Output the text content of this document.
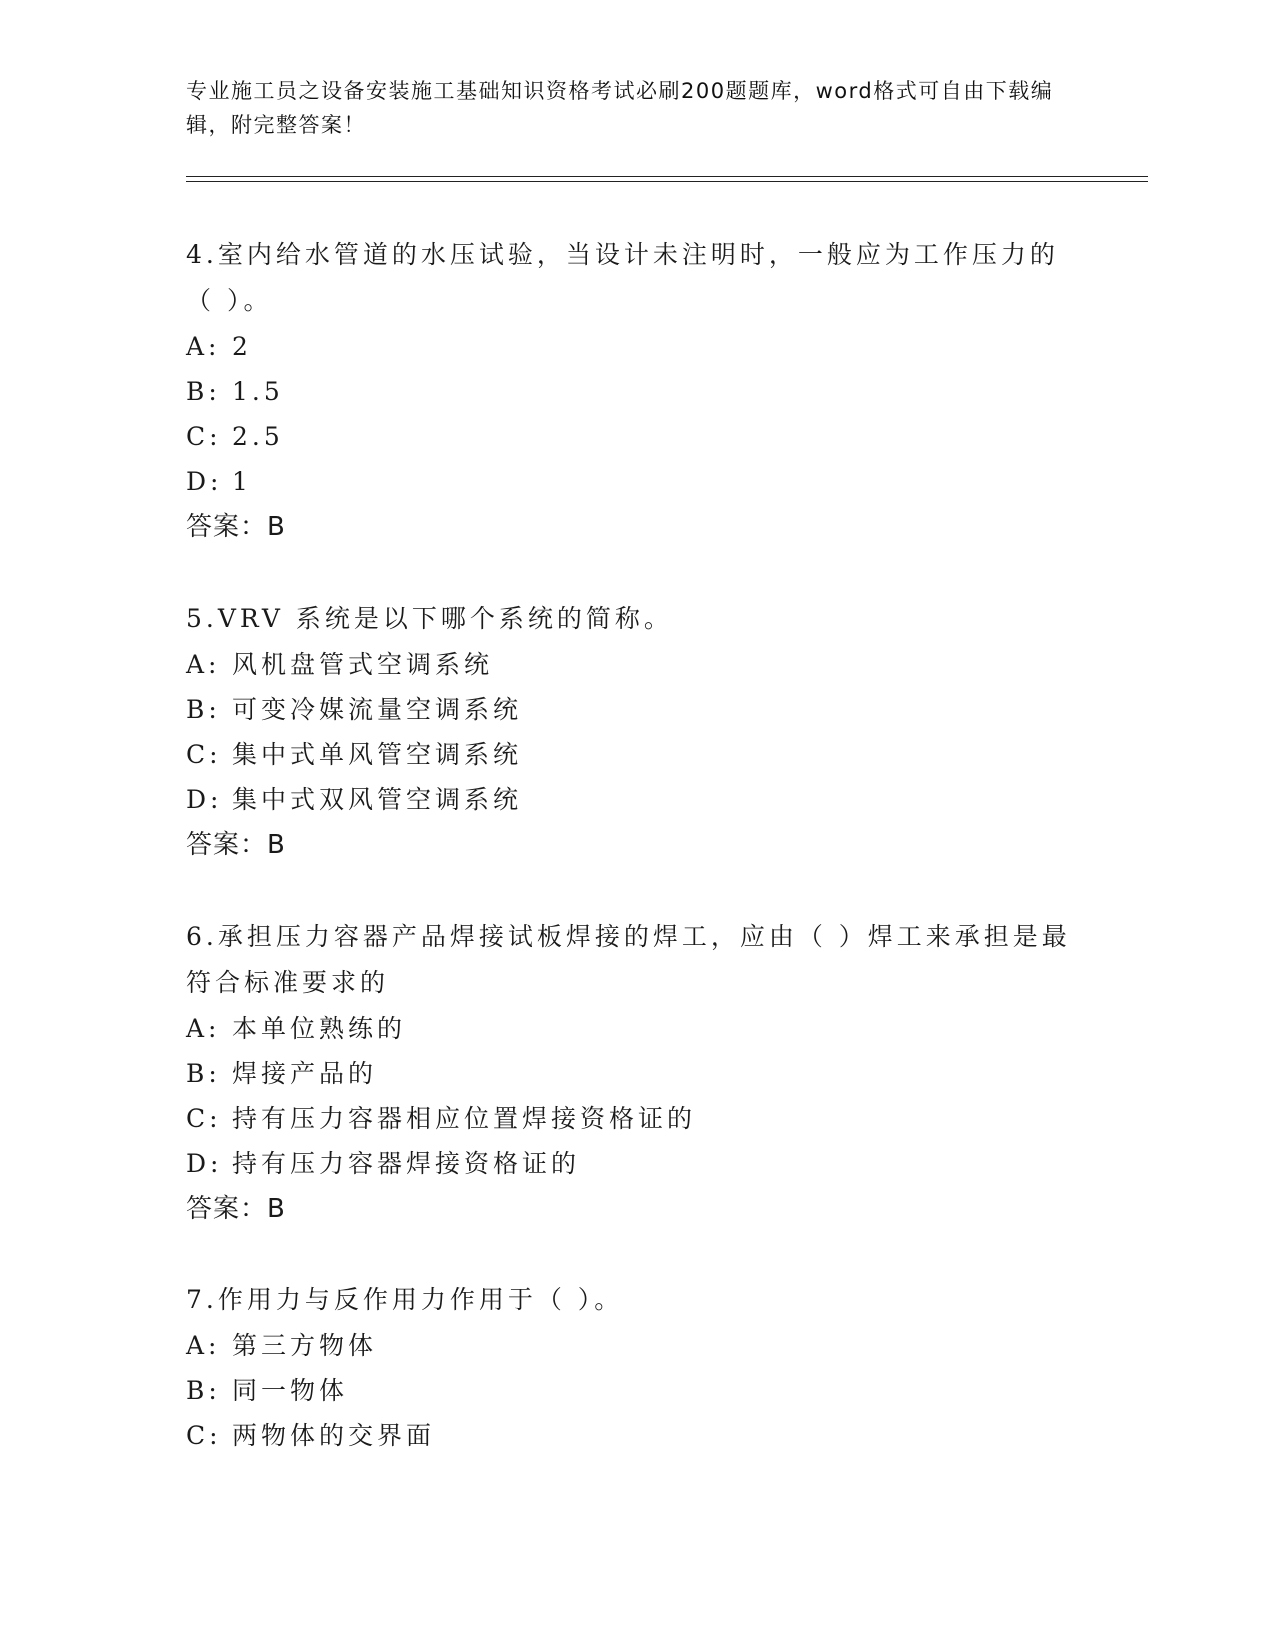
专业施工员之设备安装施工基础知识资格考试必刷200题题库，word格式可自由下载编辑，附完整答案！

4.室内给水管道的水压试验，当设计未注明时，一般应为工作压力的（ ）。

A: 2

B: 1.5

C: 2.5

D: 1

答案：B

5.VRV 系统是以下哪个系统的简称。

A: 风机盘管式空调系统

B: 可变冷媒流量空调系统

C: 集中式单风管空调系统

D: 集中式双风管空调系统

答案：B

6.承担压力容器产品焊接试板焊接的焊工，应由（ ）焊工来承担是最符合标准要求的

A: 本单位熟练的

B: 焊接产品的

C: 持有压力容器相应位置焊接资格证的

D: 持有压力容器焊接资格证的

答案：B

7.作用力与反作用力作用于（ ）。

A: 第三方物体

B: 同一物体

C: 两物体的交界面
